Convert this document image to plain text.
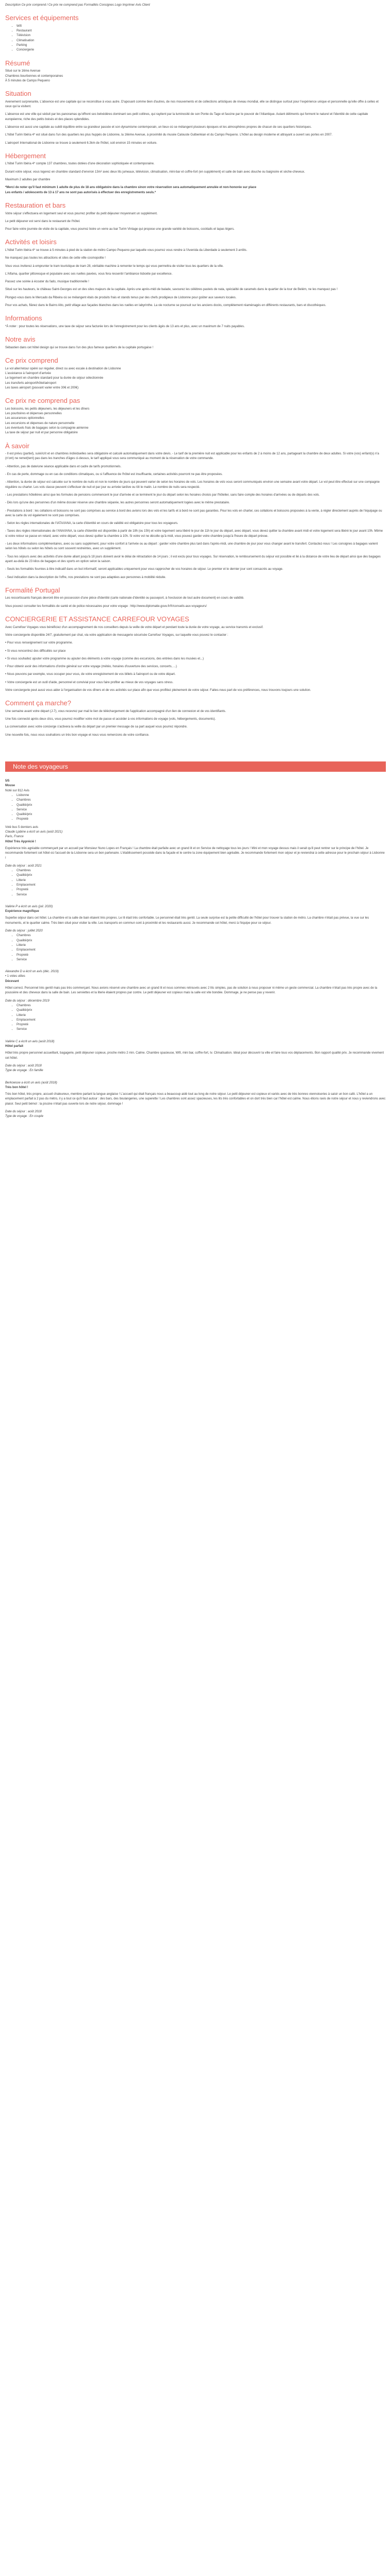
Description Ce prix comprend / Ce prix ne comprend pas Formalités Consignes Logo Imprimer Avis Client

Services et équipements
• Wifi
• Restaurant
• Télévision
• Climatisation
• Parking
• Conciergerie
Résumé

Situé sur le 16me Avenue
Chambres bourbonnes et contemporaines
À 5 minutes de Campo Pequeno

Situation

Avenement surprenante, L'absence est une capitale qui se reconstitue à vous autre. D'aposant comme bien d'autres, de nos mouvements et de collections artistiques de niveau mondial, elle se distingue surtout pour l'expérience unique et personnelle qu'elle offre à celles et ceux qui la visitent.

L'absence est une ville qui séduit par les panoramas qu'offrent ses belvédères dominant ses petit collines, qui rayitent par la luminosité de son Ponte du Tage et fascine par le pouvoir de l'Atlantique. Autant déliments qui forment le naturel et l'identité de cette capitale européenne, riche des petits boisés et des places splendides.

L'absence est aussi une capitale au subtil équilibre entre sa grandeur passée et son dynamisme contemporain, un lieux où se mélangent plusieurs époques et les atmosphères propres de chacun de ses quartiers historiques.

L'hôtel Turim Ibéria 4* est situé dans l'un des quartiers les plus huppés de Lisbonne, la 16ème Avenue, à proximité du musée Calouste Gulbenkian et du Campo Pequeno. L'hôtel au design moderne et attrayant a ouvert ses portes en 2007.

L'aéroport International de Lisbonne se trouve à seulement 6.3km de l'hôtel, soit environ 15 minutes en voiture.

Hébergement

L'hôtel Turim Ibéria 4* compte 137 chambres, toutes dotées d'une décoration sophistiquée et contemporaine.

Durant votre séjour, vous logerez en chambre standard d'environ 13m² avec deux lits jumeaux, télévision, climatisation, mini-bar et coffre-fort (en supplément) et salle de bain avec douche ou baignoire et sèche-cheveux.

Maximum 2 adultes par chambre

*Merci de noter qu'il faut minimum 1 adulte de plus de 18 ans obligatoire dans la chambre sinon votre réservation sera automatiquement annulée et non-honorée sur place
Les enfants / adolescents de 13 à 17 ans ne sont pas autorisés à effectuer des enregistrements seuls.*

Restauration et bars

Votre séjour s'effectuera en logement seul et vous pourrez profiter du petit déjeuner moyennant un supplément.

Le petit déjeuner est servi dans le restaurant de l'hôtel.

Pour faire votre journée de visite de la capitale, vous pourrez boire un verre au bar Turim Vintage qui propose une grande variété de boissons, cocktails et tapas légers.

Activités et loisirs

L'hôtel Turim Ibéria 4* se trouve à 5 minutes à pied de la station de métro Campo Pequeno par laquelle vous pourrez vous rendre à l'Avenida da Liberdade à seulement 3 arrêts.

Ne manquez pas toutes les attractions et sites de cette ville cosmopolite !

Vous vous inviterez à emprunter le tram touristique de tram 28, véritable machine à remonter le temps qui vous permettra de visiter tous les quartiers de la ville.

L'Alfama, quartier pittoresque et populaire avec ses ruelles pavées, vous fera ressentir l'ambiance lisboète par excellence.

Passez une soirée à écouter du fado, musique traditionnelle !

Situé sur les hauteurs, le château Saint-Georges est un des sites majeurs de la capitale. Après une après-midi de balade, savourez les célèbres pasteis de nata, spécialité de caramels dans le quartier de la tour de Belém, ne les manquez pas !

Plongez-vous dans le Mercado da Ribeira où se mélangent étals de produits frais et stands tenus par des chefs prodigieux de Lisbonne pour goûter aux saveurs locales.

Pour vos achats, flânez dans le Bairro Alto, petit village aux façades blanches dans les ruelles en labyrinthe. La vie nocturne se poursuit sur les anciens docks, complètement réaménagés en différents restaurants, bars et discothèques.

Informations

*À noter : pour toutes les réservations, une taxe de séjour sera facturée lors de l'enregistrement pour les clients âgés de 13 ans et plus, avec un maximum de 7 nuits payables.

Notre avis

Sébastien dans cet hôtel design qui se trouve dans l'un des plus fameux quartiers de la capitale portugaise !

Ce prix comprend

Le vol aller/retour opéré sur régulier, direct ou avec escale à destination de Lisbonne
L'assistance à l'aéroport d'arrivée
Le logement en chambre standard pour la durée de séjour sélectionnée
Les transferts aéroport/hôtel/aéroport
Les taxes aéroport (pouvant varier entre 30€ et 200€)

Ce prix ne comprend pas

Les boissons, les petits déjeuners, les déjeuners et les dîners
Les pourboires et dépenses personnelles
Les assurances optionnelles
Les excursions et dépenses de nature personnelle
Les éventuels frais de bagages selon la compagnie aérienne
La taxe de séjour par nuit et par personne obligatoire

À savoir

- Il est prévu (partiel), suivi/crit et en chambres individuelles sera obligatoire et calculé automatiquement dans votre devis. - Le tarif de la première nuit est applicable pour les enfants de 2 à moins de 12 ans, partageant la chambre de deux adultes. Si votre (vos) enfant(s) n'a (n'ont) ne remet(tent) pas dans les tranches d'âges ci-dessus, le tarif appliqué vous sera communiqué au moment de la réservation de votre commande.

- Attention, pas de date/une séance applicable dans et cadre de tarifs promotionnels.

- En cas de perte, dommage ou en cas de conditions climatiques, ou si l'affluence de l'hôtel est insuffisante, certaines activités pourront ne pas être proposées.

- Attention, la durée de séjour est calculée sur le nombre de nuits et non le nombre de jours qui peuvent varier de selon les horaires de vols. Les horaires de vols vous seront communiqués environ une semaine avant votre départ. Le vol peut être effectué sur une compagnie régulière ou charter. Les vols classe peuvent s'effectuer de nuit et par jour ou arrivée tardive ou tôt le matin. Le nombre de nuits sera respecté.

- Les prestations hôtelières ainsi que les formules de pensions commencent le jour d'arrivée et se terminent le jour du départ selon les horaires choisis par l'hôtelier, sans faire compte des horaires d'arrivées ou de départs des vols.

- Dès lors qu'une des personnes d'un même dossier réserve une chambre séparée, les autres personnes seront automatiquement logées avec le même prestataire.

- Prestations à bord : les collations et boissons ne sont pas comprises au service à bord des avions lors des vols et les tarifs et à bord ne sont pas garanties. Pour les vols en charter, ces collations et boissons proposées à la vente, à régler directement auprès de l'équipage ou avec la carte du vol également ne sont pas comprises.

- Selon les règles internationales de l'IATA/IANA, la carte d'identité en cours de validité est obligatoire pour tous les voyageurs.

- Taxes des règles internationales de l'ANA/IANA, la carte d'identité est disponible à partir de 18h (ou 15h) et votre logement sera libéré le jour de 11h le jour du départ, avec départ, vous devez quitter la chambre avant midi et votre logement sera libéré le jour avant 10h. Même si votre retour se passe en retard, avec votre départ, vous devez quitter la chambre à 10h. Si votre vol ne décolle qu'à midi, vous pouvez garder votre chambre jusqu'à l'heure de départ prévue.

- Les deux informations complémentaires, avec ou sans supplément, pour votre confort à l'arrivée ou au départ : garder votre chambre plus tard dans l'après-midi, une chambre de jour pour vous changer avant le transfert. Contactez-nous ! Les consignes à bagages varient selon les hôtels ou selon les hôtels ou sont souvent restreintes, avec un supplément.

- Tous les séjours avec des activités d'une durée allant jusqu'à 18 jours doivent avoir le délai de rétractation de 14 jours ; il est exclu pour tous voyages. Sur réservation, le remboursement du séjour est possible et lié à la distance de votre lieu de départ ainsi que des bagages ayant au-delà de 23 kilos de bagages et des sports en option selon la saison.

- Seuls les formalités fournies à titre indicatif dans un but informatif, seront applicables uniquement pour vous rapprocher de vos horaires de séjour. Le premier et le dernier jour sont consacrés au voyage.

- Seul indication dans la description de l'offre, nos prestations ne sont pas adaptées aux personnes à mobilité réduite.

Formalité Portugal

Les ressortissants français devront être en possession d'une pièce d'identité (carte nationale d'identité ou passeport, à l'exclusion de tout autre document) en cours de validité.

Vous pouvez consulter les formalités de santé et de police nécessaires pour votre voyage : http://www.diplomatie.gouv.fr/fr/conseils-aux-voyageurs/

CONCIERGERIE ET ASSISTANCE CARREFOUR VOYAGES

Avec Carrefour Voyages vous bénéficiez d'un accompagnement de nos conseillers depuis la veille de votre départ et pendant toute la durée de votre voyage, au service transmis et exclusif.

Votre conciergerie disponible 24/7, gratuitement par chat, via votre application de messagerie sécurisée Carrefour Voyages, sur laquelle vous pouvez le contacter :

• Pour vous renseignement sur votre programme.

• Si vous rencontrez des difficultés sur place

• Si vous souhaitez ajouter votre programme ou ajouter des éléments à votre voyage (comme des excursions, des entrées dans les musées et...)

• Pour obtenir avoir des informations d'ordre général sur votre voyage (météo, horaires d'ouverture des services, concerts, ...)

• Nous pouvons par exemple, vous occuper pour vous, de votre enregistrement de vos billets à l'aéroport ou de votre départ.

• Votre conciergerie est un outil d'aide, personnel et convivial pour vous faire profiter au mieux de vos voyages sans stress.

Votre conciergerie peut aussi vous aider à l'organisation de vos dîners et de vos activités sur place afin que vous profitiez pleinement de votre séjour. Faites-nous part de vos préférences, nous trouvons toujours une solution.

Comment ça marche?

Une semaine avant votre départ (J-7), vous recevrez par mail le lien de téléchargement de l'application accompagné d'un lien de connexion et de vos identifiants.

Une fois connecté après deux clics, vous pourrez modifier votre mot de passe et accéder à vos informations de voyage (vols, hébergements, documents).

La conversation avec votre concierge s'activera la veille du départ par un premier message de sa part auquel vous pourrez répondre.

Une nouvelle fois, nous vous souhaitons un très bon voyage et nous vous remercions de votre confiance.

Note des voyageurs

5/5

Mouse

Noté sur 812 Avis

• Lisbonne
• Chambres
• Qualité/prix
• Service
• Qualité/prix
• Propreté

Voté bus 5 derniers avis

Claude Ljabine a écrit un avis (août 2021)

Paris, France

Hôtel Très Apprécié !

Expérience très agréable commençant par un accueil par Monsieur Nuno Lopes en Français ! La chambre était parfaite avec un grand lit et on Service de nettoyage tous les jours ! Mini et mon voyage dessus mais il serait qu'il peut rentrer sur le principe de l'hôtel. Je recommande fortement cet hôtel où l'accueil de la Lisbonne sera un bon partenaire. L'établissement possède dans la façade et le centre la zone équipement bien agréable. Je recommande fortement mon séjour et je reviendrai à cette adresse pour le prochain séjour à Lisbonne !

Date du séjour : août 2021

• Chambres
• Qualité/prix
• Litterie
• Emplacement
• Propreté
• Service

Valérie P a écrit un avis (juil. 2020)

Expérience magnifique

Superbe séjour dans cet hôtel. La chambre et la salle de bain étaient très propres. Le lit était très confortable. Le personnel était très gentil. La seule surprise est la petite difficulté de l'hôtel pour trouver la station de métro. La chambre n'était pas prévue, la vue sur les monuments, et le quartier calme. Très bien situé pour visiter la ville. Les transports en commun sont à proximité et les restaurants aussi. Je recommande cet hôtel, merci à l'équipe pour ce séjour.

Date du séjour : juillet 2020

• Chambres
• Qualité/prix
• Litterie
• Emplacement
• Propreté
• Service

Alexandre D a écrit un avis (déc. 2019)

• 1 votes utiles

Décevant

Hôtel correct. Personnel très gentil mais pas très commerçant. Nous avions réservé une chambre avec un grand lit et nous sommes retrouvés avec 2 lits simples, pas de solution à nous proposer ni même un geste commercial. La chambre n'était pas très propre avec de la poussière et des cheveux dans la salle de bain. Les serviettes et la literie étaient propres par contre. Le petit déjeuner est copieux mais la salle est vite bondée. Dommage, je ne pense pas y revenir.

Date du séjour : décembre 2019

• Chambres
• Qualité/prix
• Litterie
• Emplacement
• Propreté
• Service

Valérie C a écrit un avis (août 2018)

Hôtel parfait

Hôtel très propre personnel accueillant, bagagerie, petit déjeuner copieux, proche métro 2 min. Calme. Chambre spacieuse, Wifi, mini bar, coffre-fort, tv. Climatisation. Idéal pour découvrir la ville et faire tous vos déplacements. Bon rapport qualité prix. Je recommande vivement cet hôtel.

Date du séjour : août 2018

Type de voyage : En famille

Berkowsoe a écrit un avis (août 2018)

Très bon hôtel !

Très bon hôtel, très propre, accueil chaleureux, membre parlant la langue anglaise ! L'accueil qui était français nous a beaucoup aidé tout au long de notre séjour. Le petit déjeuner est copieux et variés avec de très bonnes viennoiseries à saisir un bon café. L'hôtel a un emplacement parfait à 2 pas du métro, il y a tout ce qu'il faut autour : des bars, des boulangeries, une superette ! Les chambres sont assez spacieuses, les lits très confortables et on dort très bien car l'hôtel est calme. Nous étions ravis de notre séjour et nous y reviendrons avec plaisir. Seul petit bémol : la piscine n'était pas ouverte lors de notre séjour, dommage !

Date du séjour : août 2018

Type de voyage : En couple
